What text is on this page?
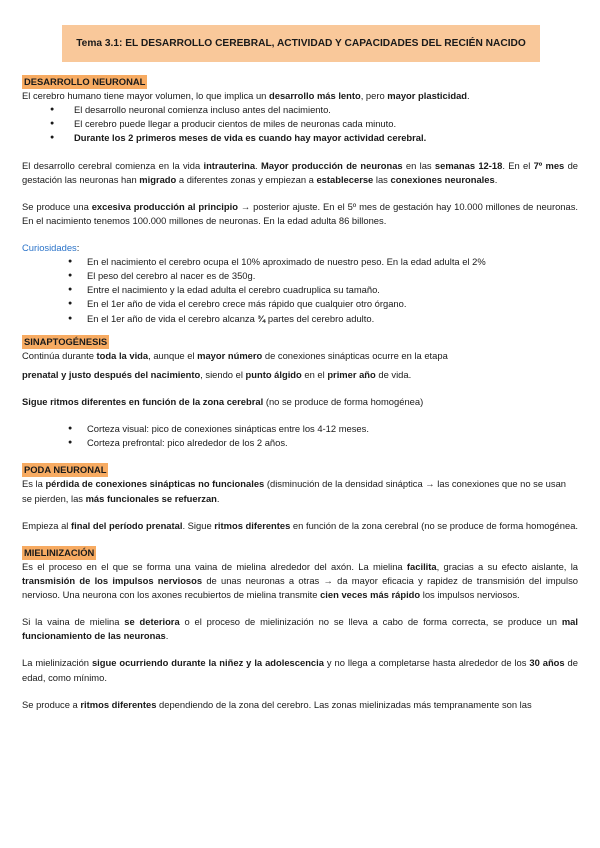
Tema 3.1: EL DESARROLLO CEREBRAL, ACTIVIDAD Y CAPACIDADES DEL RECIÉN NACIDO
DESARROLLO NEURONAL

El cerebro humano tiene mayor volumen, lo que implica un desarrollo más lento, pero mayor plasticidad.

● El desarrollo neuronal comienza incluso antes del nacimiento.
● El cerebro puede llegar a producir cientos de miles de neuronas cada minuto.
● Durante los 2 primeros meses de vida es cuando hay mayor actividad cerebral.

El desarrollo cerebral comienza en la vida intrauterina. Mayor producción de neuronas en las semanas 12-18. En el 7º mes de gestación las neuronas han migrado a diferentes zonas y empiezan a establecerse las conexiones neuronales.

Se produce una excesiva producción al principio → posterior ajuste. En el 5º mes de gestación hay 10.000 millones de neuronas. En el nacimiento tenemos 100.000 millones de neuronas. En la edad adulta 86 billones.

Curiosidades:

● En el nacimiento el cerebro ocupa el 10% aproximado de nuestro peso. En la edad adulta el 2%
● El peso del cerebro al nacer es de 350g.
● Entre el nacimiento y la edad adulta el cerebro cuadruplica su tamaño.
● En el 1er año de vida el cerebro crece más rápido que cualquier otro órgano.
● En el 1er año de vida el cerebro alcanza ¾ partes del cerebro adulto.
SINAPTOGÉNESIS

Continúa durante toda la vida, aunque el mayor número de conexiones sinápticas ocurre en la etapa

prenatal y justo después del nacimiento, siendo el punto álgido en el primer año de vida.

Sigue ritmos diferentes en función de la zona cerebral (no se produce de forma homogénea)

● Corteza visual: pico de conexiones sinápticas entre los 4-12 meses.
● Corteza prefrontal: pico alrededor de los 2 años.
PODA NEURONAL

Es la pérdida de conexiones sinápticas no funcionales (disminución de la densidad sináptica → las conexiones que no se usan se pierden, las más funcionales se refuerzan.

Empieza al final del período prenatal. Sigue ritmos diferentes en función de la zona cerebral (no se produce de forma homogénea.

MIELINIZACIÓN

Es el proceso en el que se forma una vaina de mielina alrededor del axón. La mielina facilita, gracias a su efecto aislante, la transmisión de los impulsos nerviosos de unas neuronas a otras → da mayor eficacia y rapidez de transmisión del impulso nervioso. Una neurona con los axones recubiertos de mielina transmite cien veces más rápido los impulsos nerviosos.

Si la vaina de mielina se deteriora o el proceso de mielinización no se lleva a cabo de forma correcta, se produce un mal funcionamiento de las neuronas.

La mielinización sigue ocurriendo durante la niñez y la adolescencia y no llega a completarse hasta alrededor de los 30 años de edad, como mínimo.

Se produce a ritmos diferentes dependiendo de la zona del cerebro. Las zonas mielinizadas más tempranamente son las
